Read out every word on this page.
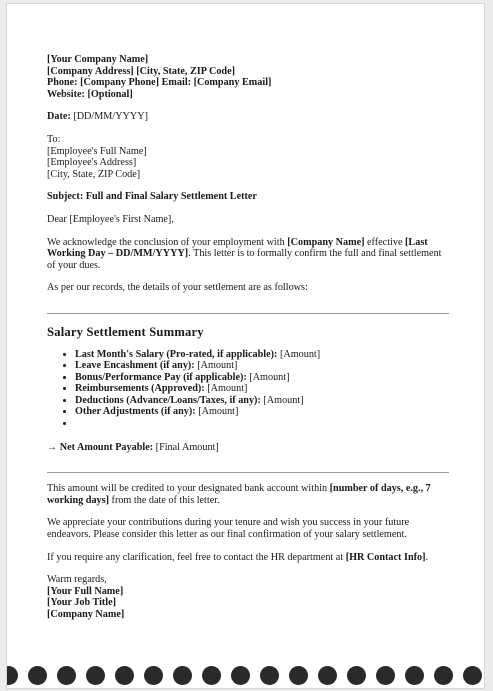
[Your Company Name]

[Company Address] [City, State, ZIP Code]

Phone: [Company Phone] Email: [Company Email]

Website: [Optional]

Date: [DD/MM/YYYY]

To:

[Employee's Full Name]

[Employee's Address]

[City, State, ZIP Code]

Subject: Full and Final Salary Settlement Letter

Dear [Employee's First Name],

We acknowledge the conclusion of your employment with [Company Name] effective [Last Working Day – DD/MM/YYYY]. This letter is to formally confirm the full and final settlement of your dues.

As per our records, the details of your settlement are as follows:

Salary Settlement Summary

• Last Month's Salary (Pro-rated, if applicable): [Amount]
• Leave Encashment (if any): [Amount]
• Bonus/Performance Pay (if applicable): [Amount]
• Reimbursements (Approved): [Amount]
• Deductions (Advance/Loans/Taxes, if any): [Amount]
• Other Adjustments (if any): [Amount]
•

→ Net Amount Payable: [Final Amount]

This amount will be credited to your designated bank account within [number of days, e.g., 7 working days] from the date of this letter.

We appreciate your contributions during your tenure and wish you success in your future endeavors. Please consider this letter as our final confirmation of your salary settlement.

If you require any clarification, feel free to contact the HR department at [HR Contact Info].

Warm regards,

[Your Full Name]

[Your Job Title]

[Company Name]
